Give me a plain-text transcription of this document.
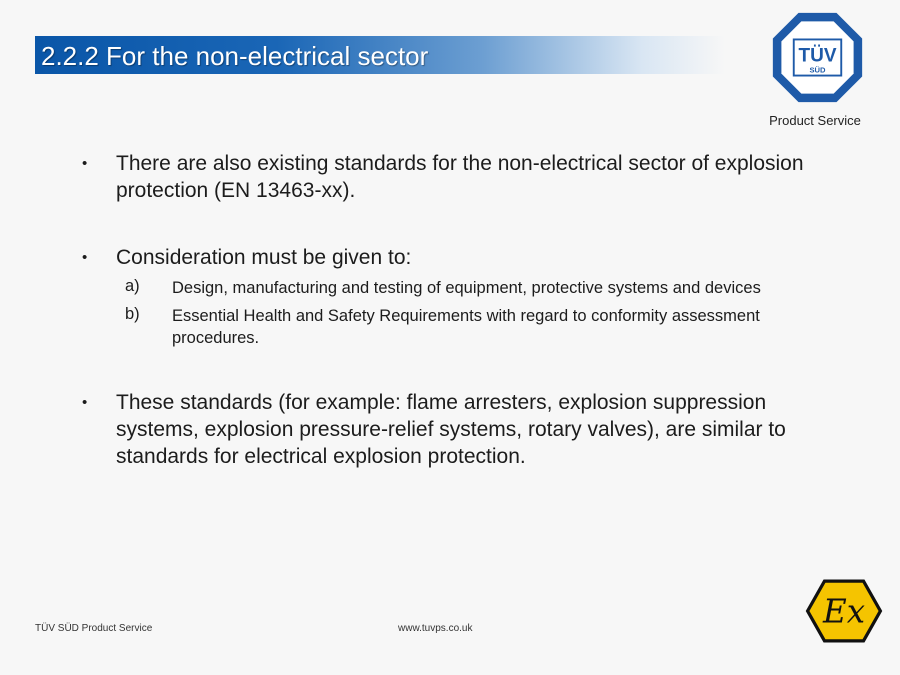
2.2.2 For the non-electrical sector	TÜV
SÜD
Product Service
• There are also existing standards for the non-electrical sector of explosion protection (EN 13463-xx).
• Consideration must be given to:
a) Design, manufacturing and testing of equipment, protective systems and devices
b) Essential Health and Safety Requirements with regard to conformity assessment procedures.
• These standards (for example: flame arresters, explosion suppression systems, explosion pressure-relief systems, rotary valves), are similar to standards for electrical explosion protection.
TÜV SÜD Product Service	www.tuvps.co.uk	Ex
